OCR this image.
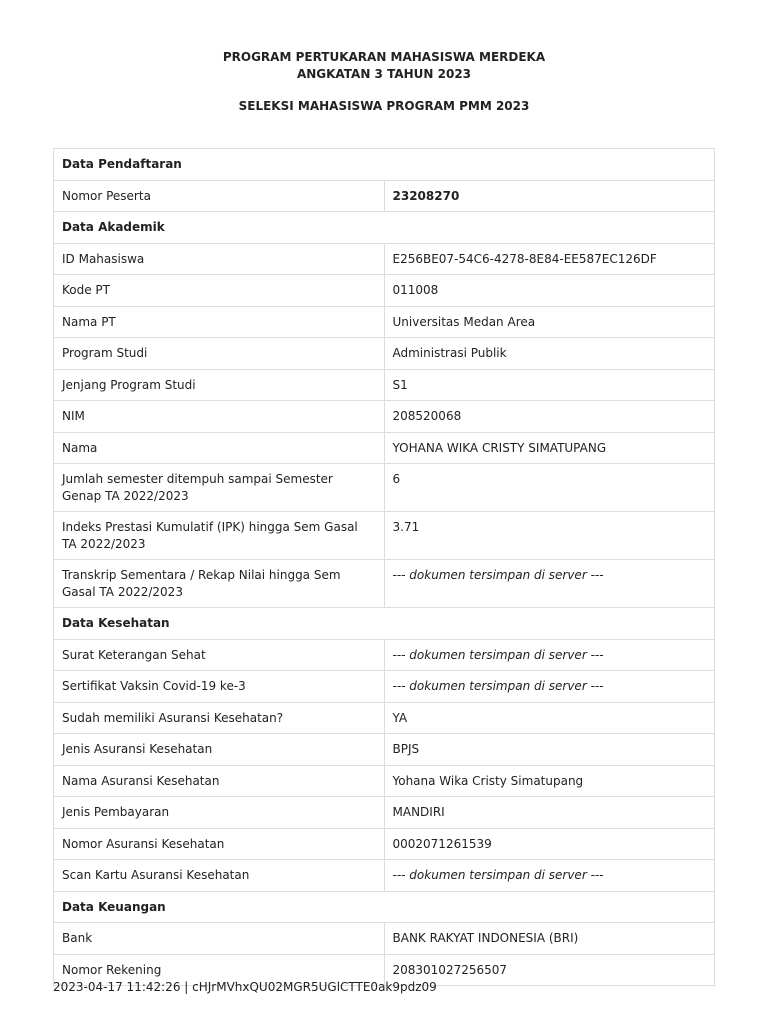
PROGRAM PERTUKARAN MAHASISWA MERDEKA
ANGKATAN 3 TAHUN 2023
SELEKSI MAHASISWA PROGRAM PMM 2023
Data Pendaftaran	
Nomor Peserta	23208270
Data Akademik	
ID Mahasiswa	E256BE07-54C6-4278-8E84-EE587EC126DF
Kode PT	011008
Nama PT	Universitas Medan Area
Program Studi	Administrasi Publik
Jenjang Program Studi	S1
NIM	208520068
Nama	YOHANA WIKA CRISTY SIMATUPANG
Jumlah semester ditempuh sampai Semester Genap TA 2022/2023	6
Indeks Prestasi Kumulatif (IPK) hingga Sem Gasal TA 2022/2023	3.71
Transkrip Sementara / Rekap Nilai hingga Sem Gasal TA 2022/2023	--- dokumen tersimpan di server ---
Data Kesehatan	
Surat Keterangan Sehat	--- dokumen tersimpan di server ---
Sertifikat Vaksin Covid-19 ke-3	--- dokumen tersimpan di server ---
Sudah memiliki Asuransi Kesehatan?	YA
Jenis Asuransi Kesehatan	BPJS
Nama Asuransi Kesehatan	Yohana Wika Cristy Simatupang
Jenis Pembayaran	MANDIRI
Nomor Asuransi Kesehatan	0002071261539
Scan Kartu Asuransi Kesehatan	--- dokumen tersimpan di server ---
Data Keuangan	
Bank	BANK RAKYAT INDONESIA (BRI)
Nomor Rekening	208301027256507
2023-04-17 11:42:26 | cHJrMVhxQU02MGR5UGlCTTE0ak9pdz09
